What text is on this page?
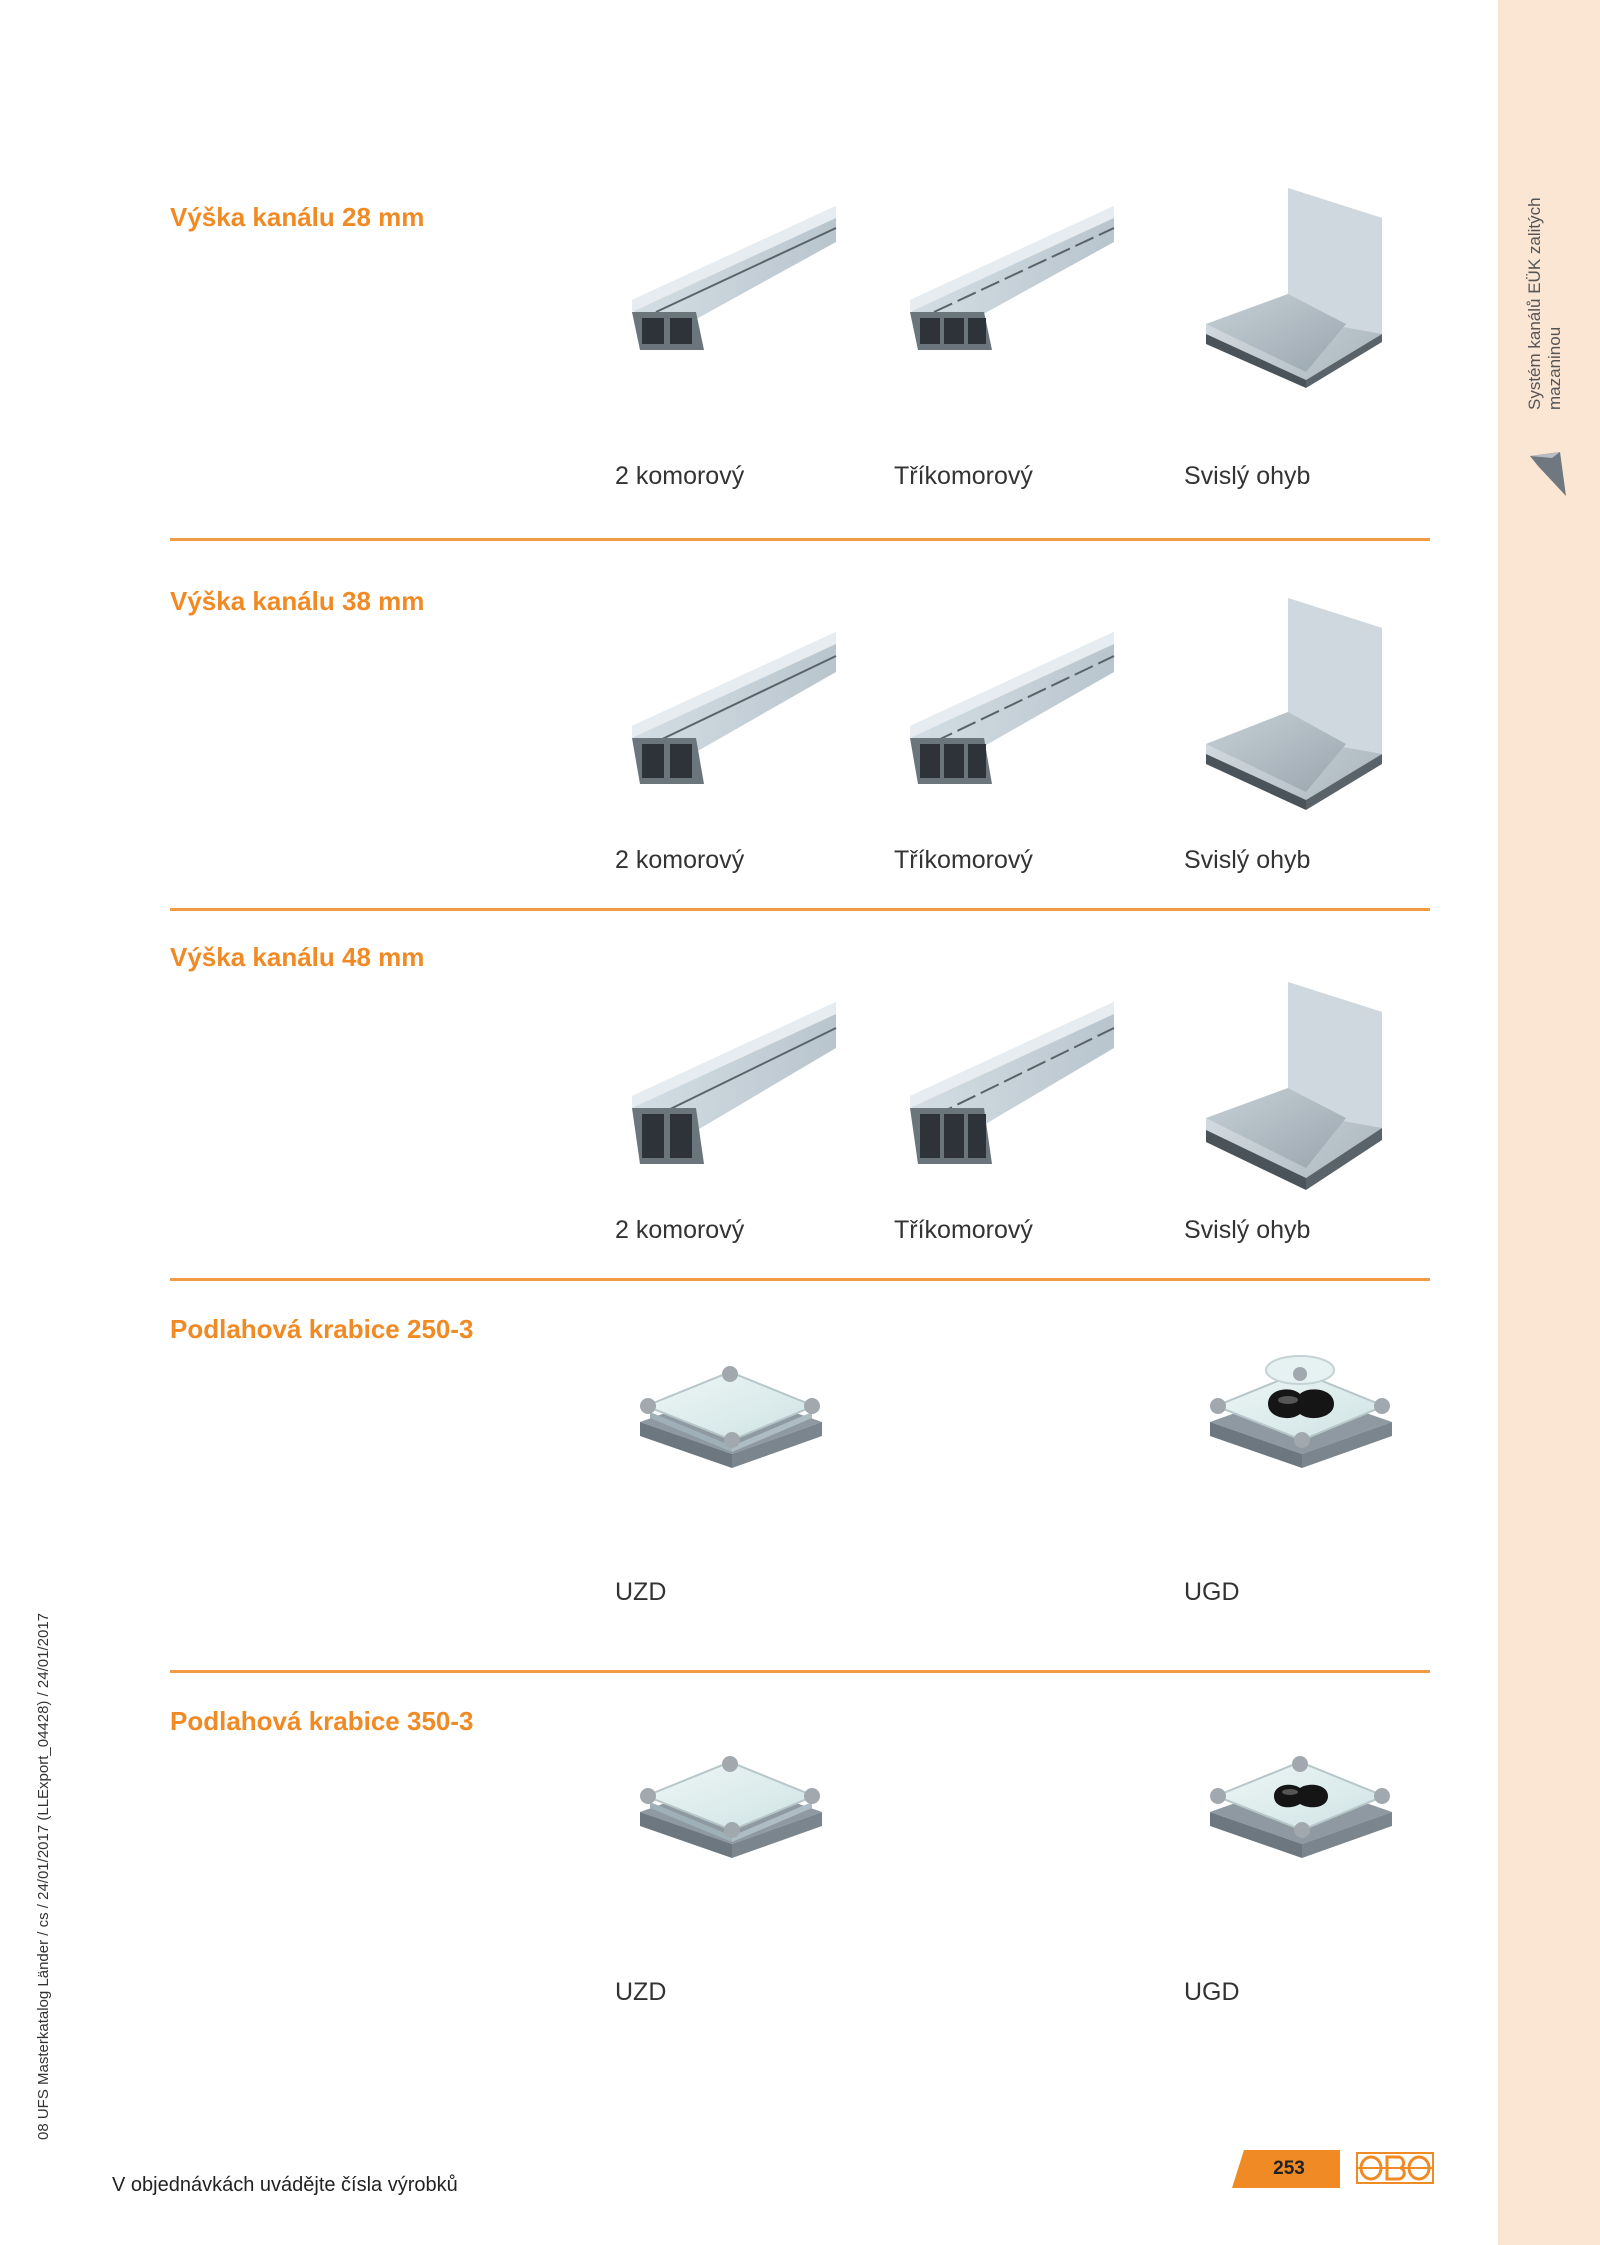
Systém kanálů EÜK zalitých mazaninou
08 UFS Masterkatalog Länder / cs / 24/01/2017 (LLExport_04428) / 24/01/2017
Výška kanálu 28 mm
2 komorový	Tříkomorový	Svislý ohyb
Výška kanálu 38 mm
2 komorový	Tříkomorový	Svislý ohyb
Výška kanálu 48 mm
2 komorový	Tříkomorový	Svislý ohyb
Podlahová krabice 250-3
UZD	UGD
Podlahová krabice 350-3
UZD	UGD
V objednávkách uvádějte čísla výrobků
253
